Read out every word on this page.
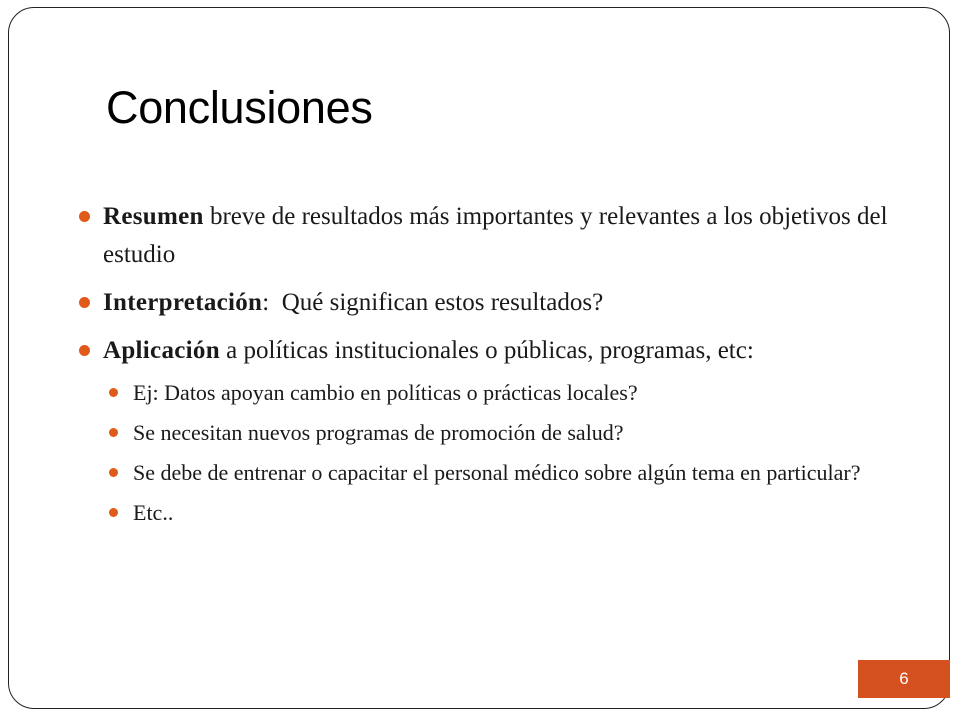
Conclusiones
Resumen breve de resultados más importantes y relevantes a los objetivos del estudio
Interpretación:  Qué significan estos resultados?
Aplicación a políticas institucionales o públicas, programas, etc:
Ej: Datos apoyan cambio en políticas o prácticas locales?
Se necesitan nuevos programas de promoción de salud?
Se debe de entrenar o capacitar el personal médico sobre algún tema en particular?
Etc..
6
